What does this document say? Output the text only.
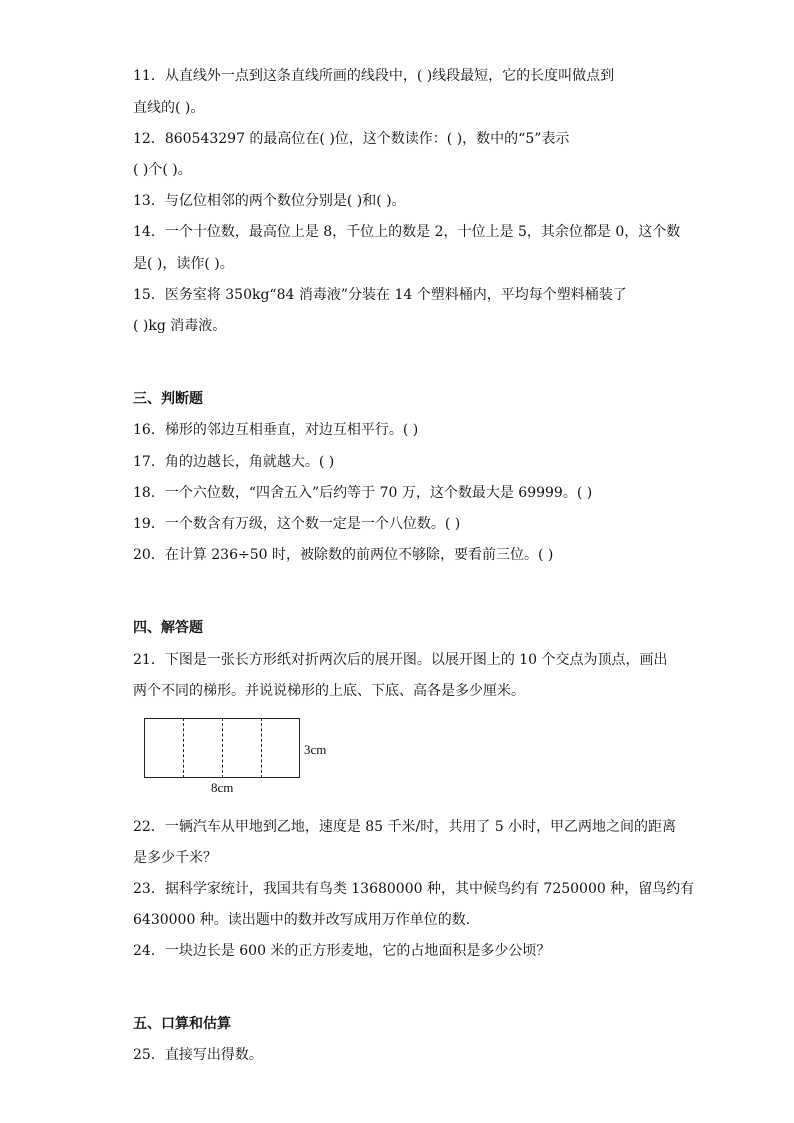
11．从直线外一点到这条直线所画的线段中，( )线段最短，它的长度叫做点到
直线的( )。
12．860543297 的最高位在( )位，这个数读作：( )，数中的“5”表示
( )个( )。
13．与亿位相邻的两个数位分别是( )和( )。
14．一个十位数，最高位上是 8，千位上的数是 2，十位上是 5，其余位都是 0，这个数
是( )，读作( )。
15．医务室将 350kg“84 消毒液”分装在 14 个塑料桶内，平均每个塑料桶装了
( )kg 消毒液。
三、判断题
16．梯形的邻边互相垂直，对边互相平行。( )
17．角的边越长，角就越大。( )
18．一个六位数，“四舍五入”后约等于 70 万，这个数最大是 69999。( )
19．一个数含有万级，这个数一定是一个八位数。( )
20．在计算 236÷50 时，被除数的前两位不够除，要看前三位。( )
四、解答题
21．下图是一张长方形纸对折两次后的展开图。以展开图上的 10 个交点为顶点，画出
两个不同的梯形。并说说梯形的上底、下底、高各是多少厘米。
3cm
8cm
22．一辆汽车从甲地到乙地，速度是 85 千米/时，共用了 5 小时，甲乙两地之间的距离
是多少千米？
23．据科学家统计，我国共有鸟类 13680000 种，其中候鸟约有 7250000 种，留鸟约有
6430000 种。读出题中的数并改写成用万作单位的数.
24．一块边长是 600 米的正方形麦地，它的占地面积是多少公顷？
五、口算和估算
25．直接写出得数。
